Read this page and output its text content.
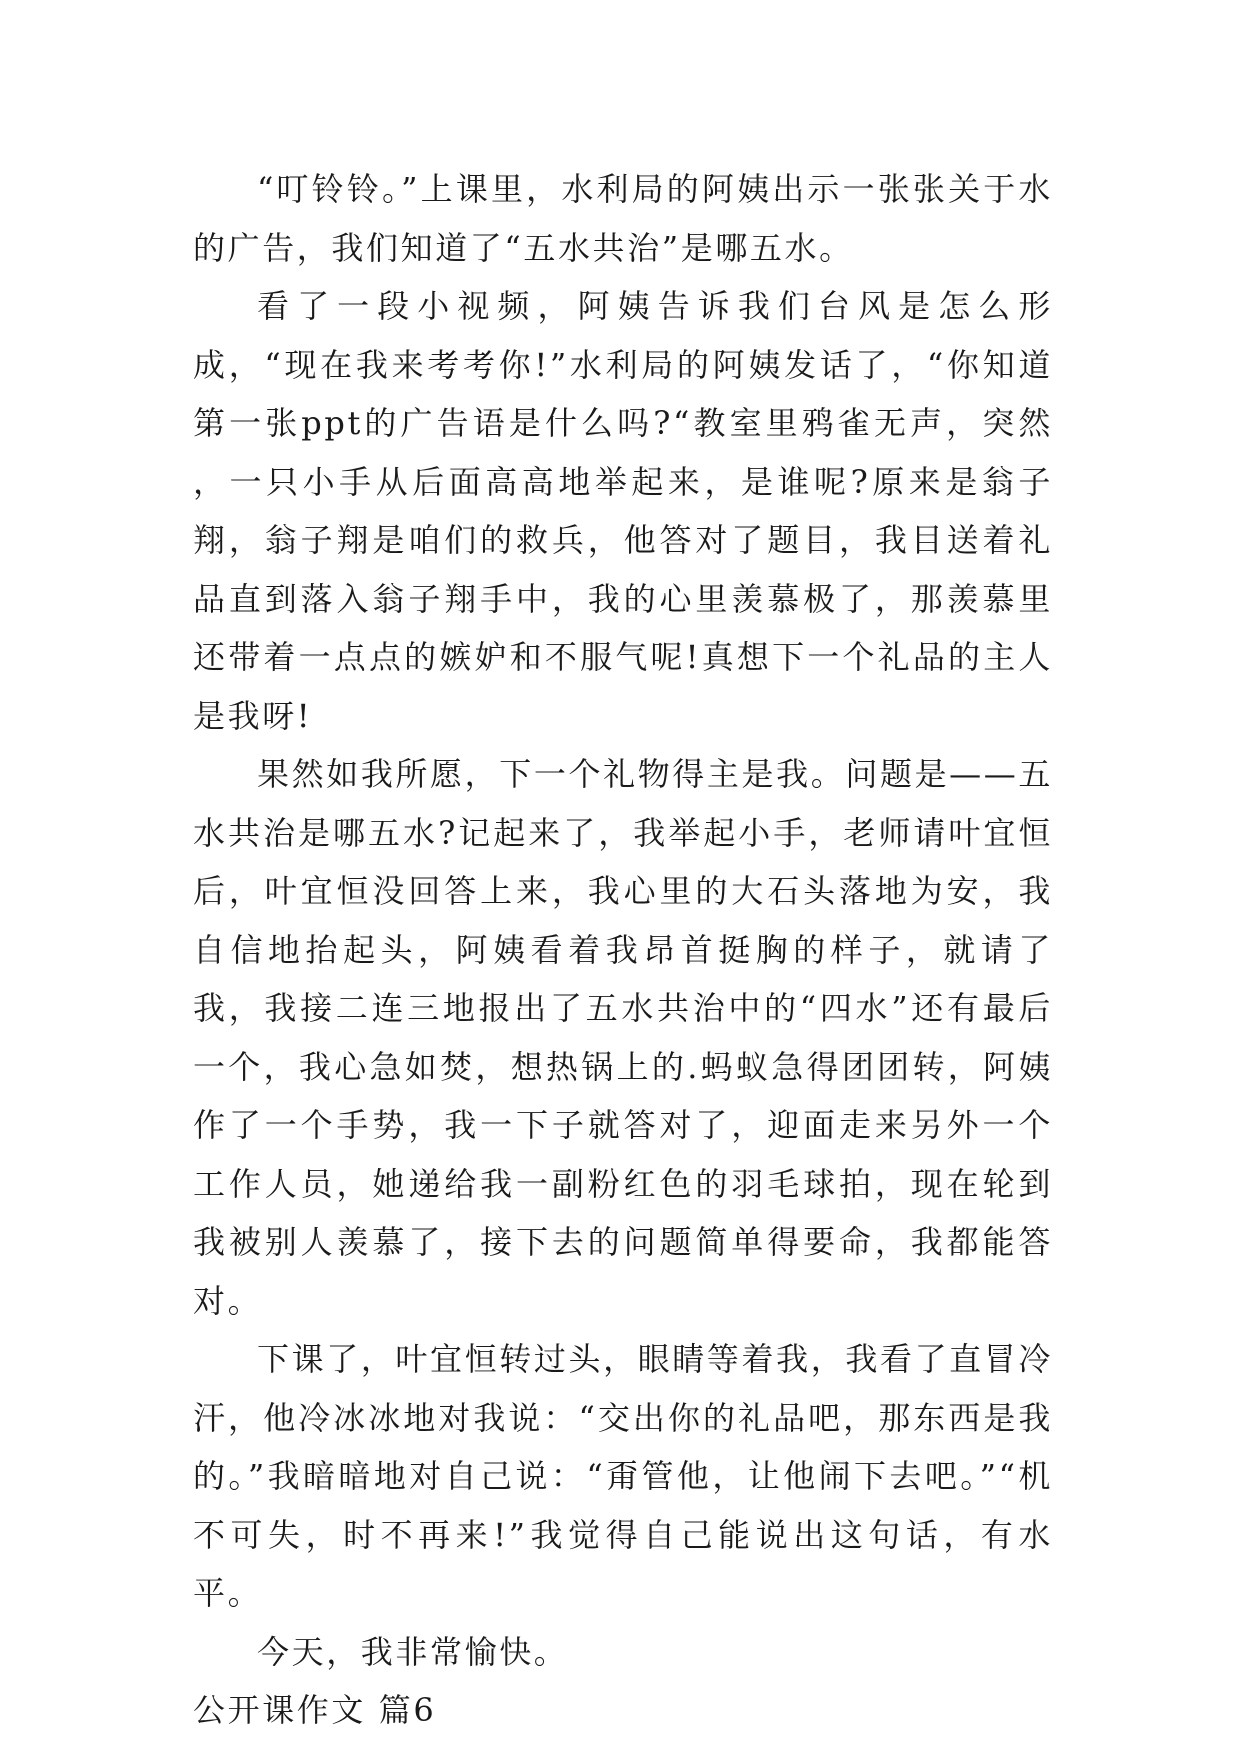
“叮铃铃。”上课里，水利局的阿姨出示一张张关于水的广告，我们知道了“五水共治”是哪五水。

看了一段小视频，阿姨告诉我们台风是怎么形成，“现在我来考考你!”水利局的阿姨发话了，“你知道第一张ppt的广告语是什么吗?“教室里鸦雀无声，突然 ，一只小手从后面高高地举起来，是谁呢?原来是翁子翔，翁子翔是咱们的救兵，他答对了题目，我目送着礼品直到落入翁子翔手中，我的心里羡慕极了，那羡慕里还带着一点点的嫉妒和不服气呢!真想下一个礼品的主人是我呀!

果然如我所愿，下一个礼物得主是我。问题是——五水共治是哪五水?记起来了，我举起小手，老师请叶宜恒后，叶宜恒没回答上来，我心里的大石头落地为安，我自信地抬起头，阿姨看着我昂首挺胸的样子，就请了我，我接二连三地报出了五水共治中的“四水”还有最后一个，我心急如焚，想热锅上的.蚂蚁急得团团转，阿姨作了一个手势，我一下子就答对了，迎面走来另外一个工作人员，她递给我一副粉红色的羽毛球拍，现在轮到我被别人羡慕了，接下去的问题简单得要命，我都能答对。

下课了，叶宜恒转过头，眼睛等着我，我看了直冒冷汗，他冷冰冰地对我说：“交出你的礼品吧，那东西是我的。”我暗暗地对自己说：“甭管他，让他闹下去吧。”“机不可失，时不再来!”我觉得自己能说出这句话，有水平。

今天，我非常愉快。

公开课作文 篇6
